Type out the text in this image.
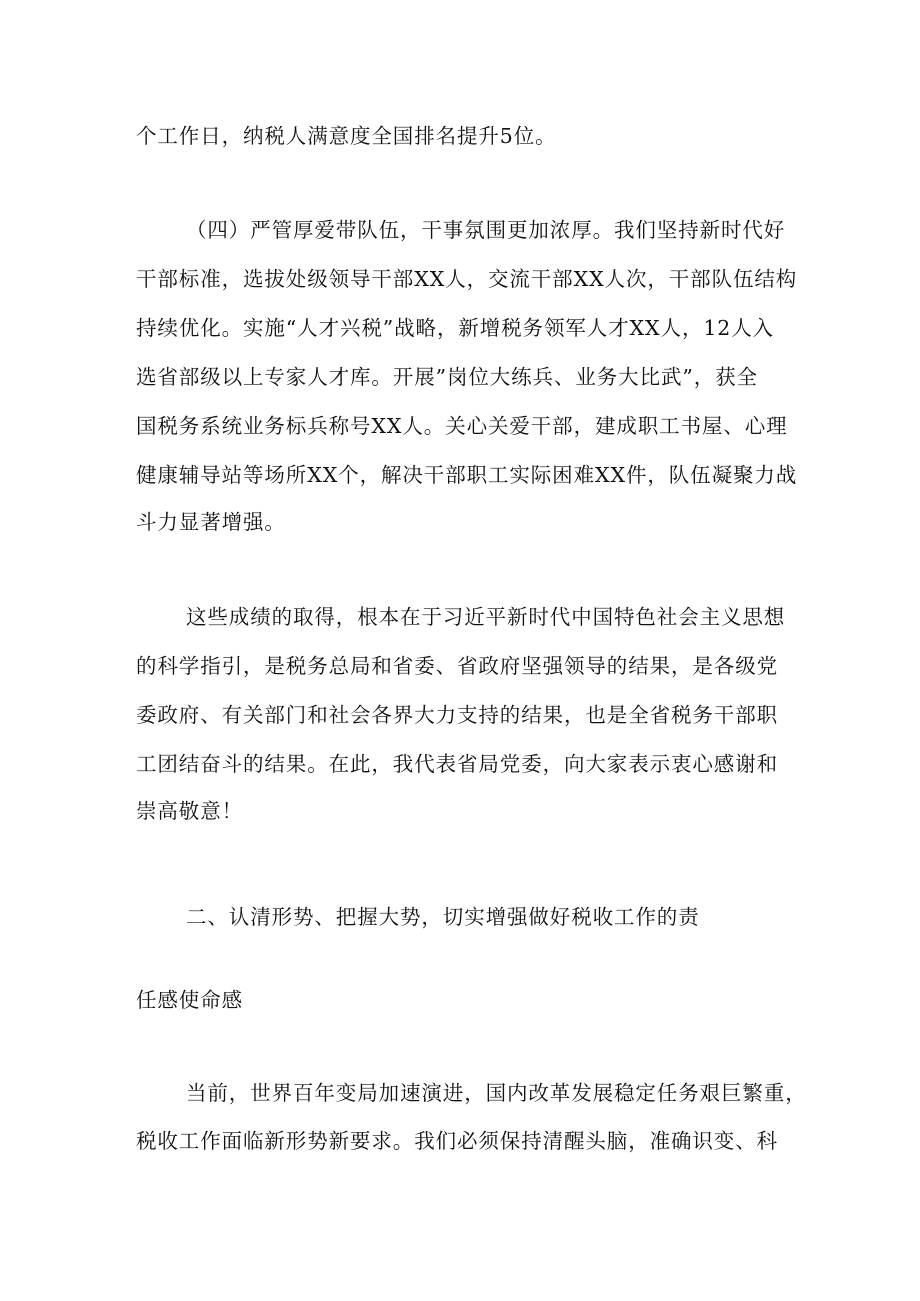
个工作日，纳税人满意度全国排名提升5位。
（四）严管厚爱带队伍，干事氛围更加浓厚。我们坚持新时代好
干部标准，选拔处级领导干部XX人，交流干部XX人次，干部队伍结构
持续优化。实施“人才兴税”战略，新增税务领军人才XX人，12人入
选省部级以上专家人才库。开展”岗位大练兵、业务大比武”，获全
国税务系统业务标兵称号XX人。关心关爱干部，建成职工书屋、心理
健康辅导站等场所XX个，解决干部职工实际困难XX件，队伍凝聚力战
斗力显著增强。
这些成绩的取得，根本在于习近平新时代中国特色社会主义思想
的科学指引，是税务总局和省委、省政府坚强领导的结果，是各级党
委政府、有关部门和社会各界大力支持的结果，也是全省税务干部职
工团结奋斗的结果。在此，我代表省局党委，向大家表示衷心感谢和
崇高敬意！
二、认清形势、把握大势，切实增强做好税收工作的责
任感使命感
当前，世界百年变局加速演进，国内改革发展稳定任务艰巨繁重，
税收工作面临新形势新要求。我们必须保持清醒头脑，准确识变、科
